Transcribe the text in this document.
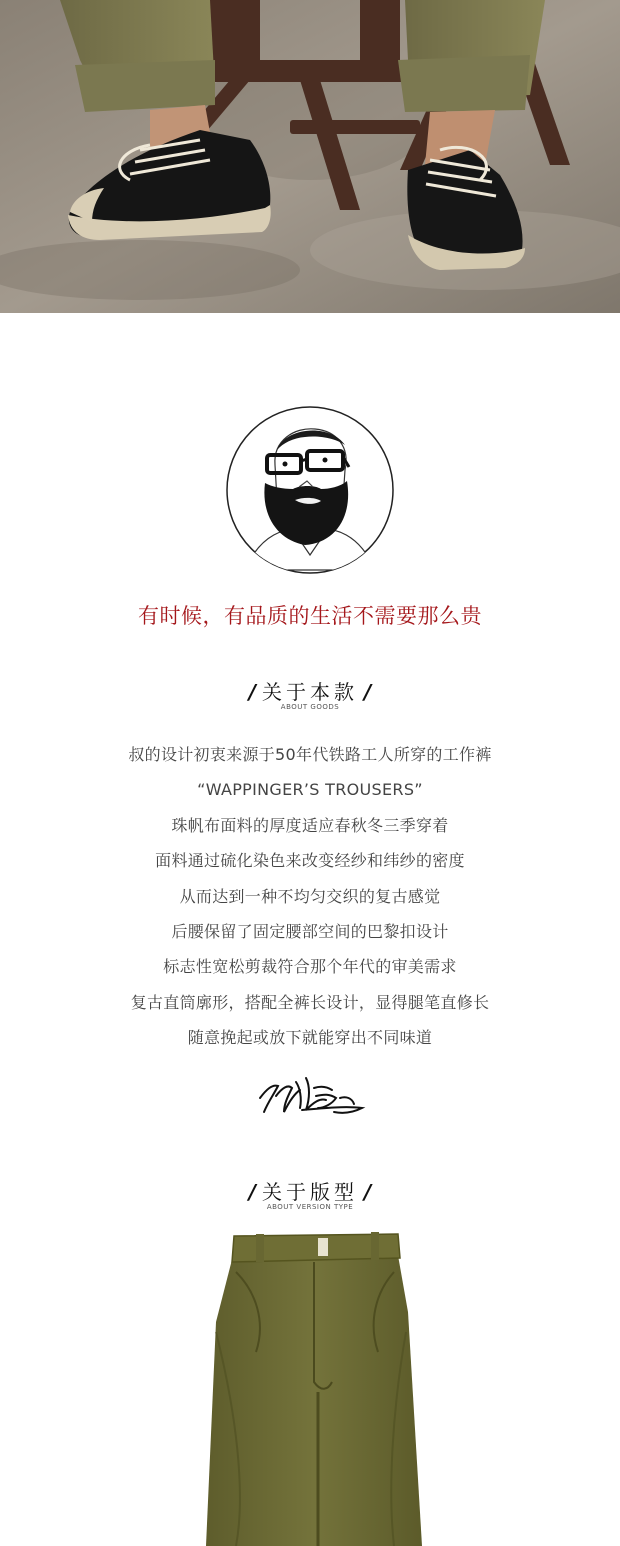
有时候，有品质的生活不需要那么贵
/ 关于本款 /
ABOUT GOODS
叔的设计初衷来源于50年代铁路工人所穿的工作裤
“WAPPINGER’S TROUSERS”
珠帆布面料的厚度适应春秋冬三季穿着
面料通过硫化染色来改变经纱和纬纱的密度
从而达到一种不均匀交织的复古感觉
后腰保留了固定腰部空间的巴黎扣设计
标志性宽松剪裁符合那个年代的审美需求
复古直筒廓形，搭配全裤长设计，显得腿笔直修长
随意挽起或放下就能穿出不同味道
/ 关于版型 /
ABOUT VERSION TYPE
